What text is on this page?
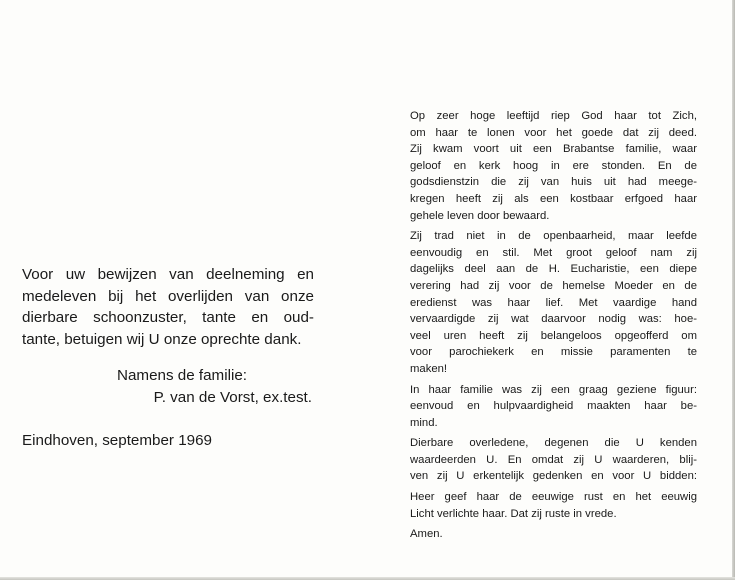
Voor uw bewijzen van deelneming en
medeleven bij het overlijden van onze
dierbare schoonzuster, tante en oud-
tante, betuigen wij U onze oprechte dank.

Namens de familie:
P. van de Vorst, ex.test.
Eindhoven, september 1969

Op zeer hoge leeftijd riep God haar tot Zich,
om haar te lonen voor het goede dat zij deed.
Zij kwam voort uit een Brabantse familie, waar
geloof en kerk hoog in ere stonden. En de
godsdienstzin die zij van huis uit had meege-
kregen heeft zij als een kostbaar erfgoed haar
gehele leven door bewaard.

Zij trad niet in de openbaarheid, maar leefde
eenvoudig en stil. Met groot geloof nam zij
dagelijks deel aan de H. Eucharistie, een diepe
verering had zij voor de hemelse Moeder en de
eredienst was haar lief. Met vaardige hand
vervaardigde zij wat daarvoor nodig was: hoe-
veel uren heeft zij belangeloos opgeofferd om
voor parochiekerk en missie paramenten te
maken!

In haar familie was zij een graag geziene figuur:
eenvoud en hulpvaardigheid maakten haar be-
mind.

Dierbare overledene, degenen die U kenden
waardeerden U. En omdat zij U waarderen, blij-
ven zij U erkentelijk gedenken en voor U bidden:

Heer geef haar de eeuwige rust en het eeuwig
Licht verlichte haar. Dat zij ruste in vrede.

Amen.
